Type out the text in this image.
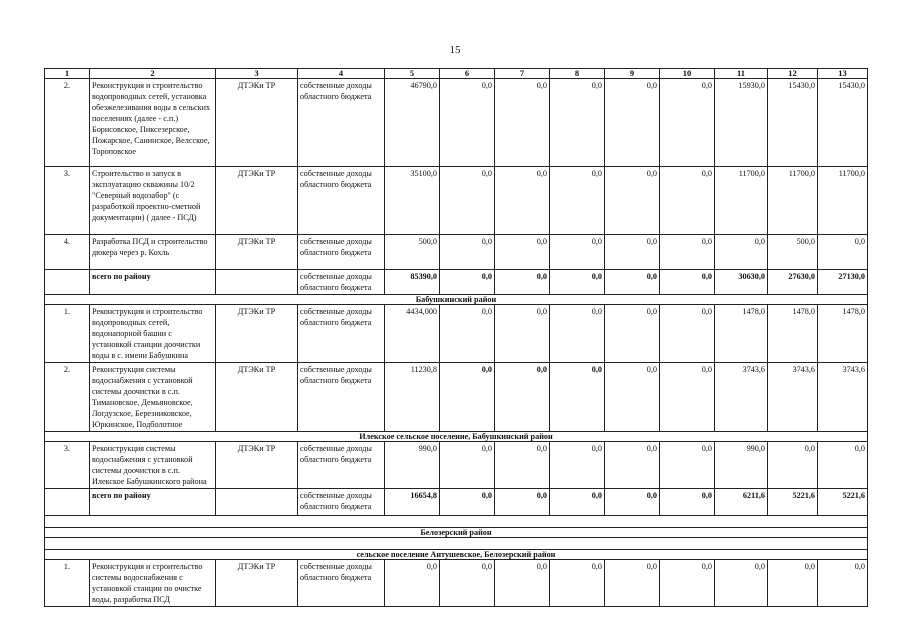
15
1	2	3	4	5	6	7	8	9	10	11	12	13
2.	Реконструкция и строительство водопроводных сетей, установка обезжелезивания воды в сельских поселениях (далее - с.п.) Борисовское, Пиксезерское, Пожарское, Санинское, Велсское, Тороповское	ДТЭКи ТР	собственные доходы областного бюджета	46790,0	0,0	0,0	0,0	0,0	0,0	15930,0	15430,0	15430,0
3.	Строительство и запуск в эксплуатацию скважины 10/2 "Северный водозабор" (с разработкой проектно-сметной документации) ( далее - ПСД)	ДТЭКи ТР	собственные доходы областного бюджета	35100,0	0,0	0,0	0,0	0,0	0,0	11700,0	11700,0	11700,0
4.	Разработка ПСД и строительство дюкера через р. Кохль	ДТЭКи ТР	собственные доходы областного бюджета	500,0	0,0	0,0	0,0	0,0	0,0	0,0	500,0	0,0
	всего по району		собственные доходы областного бюджета	85390,0	0,0	0,0	0,0	0,0	0,0	30630,0	27630,0	27130,0
Бабушкинский район												
1.	Реконструкция и строительство водопроводных сетей, водонапорной башни с установкой станции доочистки воды в с. имени Бабушкина	ДТЭКи ТР	собственные доходы областного бюджета	4434,000	0,0	0,0	0,0	0,0	0,0	1478,0	1478,0	1478,0
2.	Реконструкция системы водоснабжения с установкой системы доочистки в с.п. Тимановское, Демьяновское, Логдузское, Березниковское, Юркинское, Подболотное	ДТЭКи ТР	собственные доходы областного бюджета	11230,8	0,0	0,0	0,0	0,0	0,0	3743,6	3743,6	3743,6
Илекское сельское поселение, Бабушкинский район												
3.	Реконструкция системы водоснабжения с установкой системы доочистки в с.п. Илекское Бабушкинского района	ДТЭКи ТР	собственные доходы областного бюджета	990,0	0,0	0,0	0,0	0,0	0,0	990,0	0,0	0,0
	всего по району		собственные доходы областного бюджета	16654,8	0,0	0,0	0,0	0,0	0,0	6211,6	5221,6	5221,6

Белозерский район												

сельское поселение Антушевское, Белозерский район												
1.	Реконструкция и строительство системы водоснабжения с установкой станции по очистке воды, разработка ПСД	ДТЭКи ТР	собственные доходы областного бюджета	0,0	0,0	0,0	0,0	0,0	0,0	0,0	0,0	0,0
